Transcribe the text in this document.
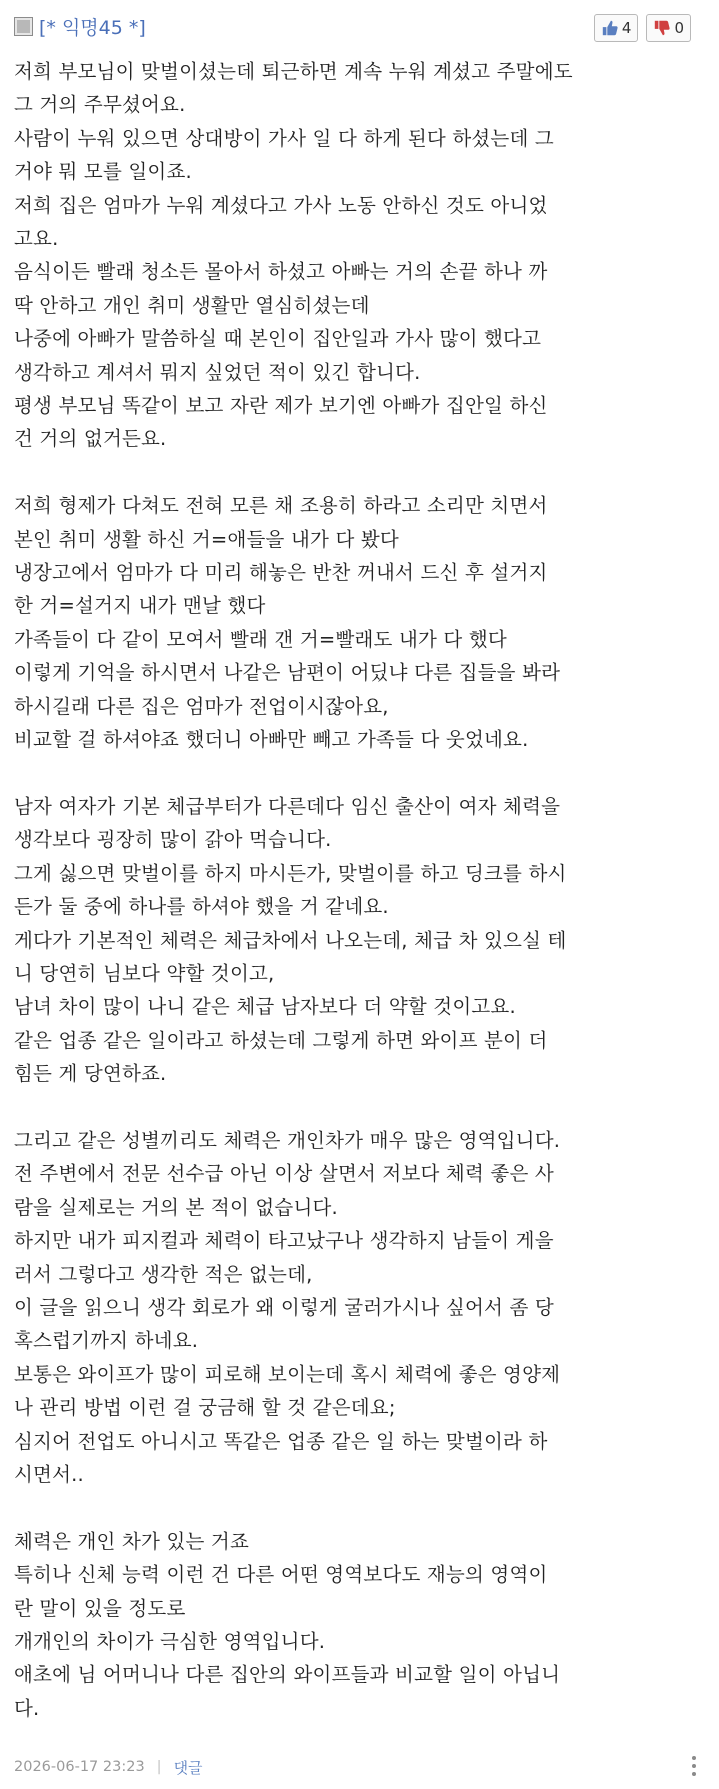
[* 익명45 *]	4	0
저희 부모님이 맞벌이셨는데 퇴근하면 계속 누워 계셨고 주말에도
그 거의 주무셨어요.
사람이 누워 있으면 상대방이 가사 일 다 하게 된다 하셨는데 그
거야 뭐 모를 일이죠.
저희 집은 엄마가 누워 계셨다고 가사 노동 안하신 것도 아니었
고요.
음식이든 빨래 청소든 몰아서 하셨고 아빠는 거의 손끝 하나 까
딱 안하고 개인 취미 생활만 열심히셨는데
나중에 아빠가 말씀하실 때 본인이 집안일과 가사 많이 했다고
생각하고 계셔서 뭐지 싶었던 적이 있긴 합니다.
평생 부모님 똑같이 보고 자란 제가 보기엔 아빠가 집안일 하신
건 거의 없거든요.
저희 형제가 다쳐도 전혀 모른 채 조용히 하라고 소리만 치면서
본인 취미 생활 하신 거=애들을 내가 다 봤다
냉장고에서 엄마가 다 미리 해놓은 반찬 꺼내서 드신 후 설거지
한 거=설거지 내가 맨날 했다
가족들이 다 같이 모여서 빨래 갠 거=빨래도 내가 다 했다
이렇게 기억을 하시면서 나같은 남편이 어딨냐 다른 집들을 봐라
하시길래 다른 집은 엄마가 전업이시잖아요,
비교할 걸 하셔야죠 했더니 아빠만 빼고 가족들 다 웃었네요.
남자 여자가 기본 체급부터가 다른데다 임신 출산이 여자 체력을
생각보다 굉장히 많이 갉아 먹습니다.
그게 싫으면 맞벌이를 하지 마시든가, 맞벌이를 하고 딩크를 하시
든가 둘 중에 하나를 하셔야 했을 거 같네요.
게다가 기본적인 체력은 체급차에서 나오는데, 체급 차 있으실 테
니 당연히 님보다 약할 것이고,
남녀 차이 많이 나니 같은 체급 남자보다 더 약할 것이고요.
같은 업종 같은 일이라고 하셨는데 그렇게 하면 와이프 분이 더
힘든 게 당연하죠.
그리고 같은 성별끼리도 체력은 개인차가 매우 많은 영역입니다.
전 주변에서 전문 선수급 아닌 이상 살면서 저보다 체력 좋은 사
람을 실제로는 거의 본 적이 없습니다.
하지만 내가 피지컬과 체력이 타고났구나 생각하지 남들이 게을
러서 그렇다고 생각한 적은 없는데,
이 글을 읽으니 생각 회로가 왜 이렇게 굴러가시나 싶어서 좀 당
혹스럽기까지 하네요.
보통은 와이프가 많이 피로해 보이는데 혹시 체력에 좋은 영양제
나 관리 방법 이런 걸 궁금해 할 것 같은데요;
심지어 전업도 아니시고 똑같은 업종 같은 일 하는 맞벌이라 하
시면서..
체력은 개인 차가 있는 거죠
특히나 신체 능력 이런 건 다른 어떤 영역보다도 재능의 영역이
란 말이 있을 정도로
개개인의 차이가 극심한 영역입니다.
애초에 님 어머니나 다른 집안의 와이프들과 비교할 일이 아닙니
다.
2026-06-17 23:23 | 댓글
